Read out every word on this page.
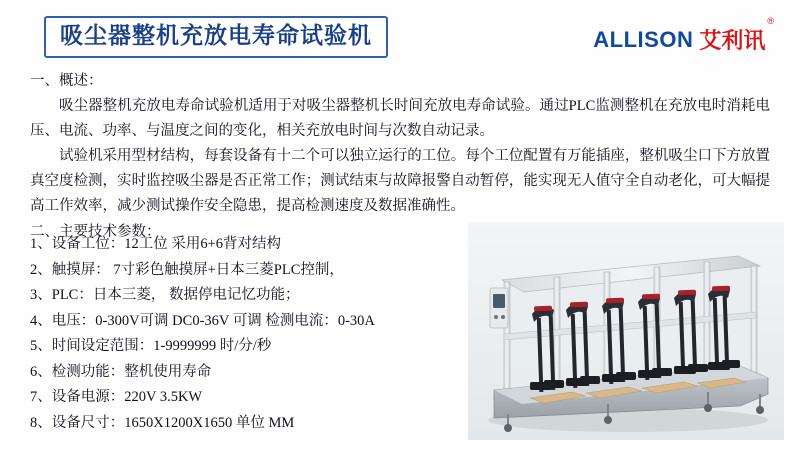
吸尘器整机充放电寿命试验机	ALLISON 艾利讯
®
一、概述：
吸尘器整机充放电寿命试验机适用于对吸尘器整机长时间充放电寿命试验。通过PLC监测整机在充放电时消耗电压、电流、功率、与温度之间的变化，相关充放电时间与次数自动记录。
试验机采用型材结构，每套设备有十二个可以独立运行的工位。每个工位配置有万能插座，整机吸尘口下方放置真空度检测，实时监控吸尘器是否正常工作；测试结束与故障报警自动暂停，能实现无人值守全自动老化，可大幅提高工作效率，减少测试操作安全隐患，提高检测速度及数据准确性。
二、主要技术参数：
1、设备工位：12工位 采用6+6背对结构
2、触摸屏： 7寸彩色触摸屏+日本三菱PLC控制，
3、PLC：日本三菱， 数据停电记忆功能；
4、电压：0-300V可调 DC0-36V 可调 检测电流：0-30A
5、时间设定范围：1-9999999 时/分/秒
6、检测功能：整机使用寿命
7、设备电源：220V 3.5KW
8、设备尺寸：1650X1200X1650 单位 MM
